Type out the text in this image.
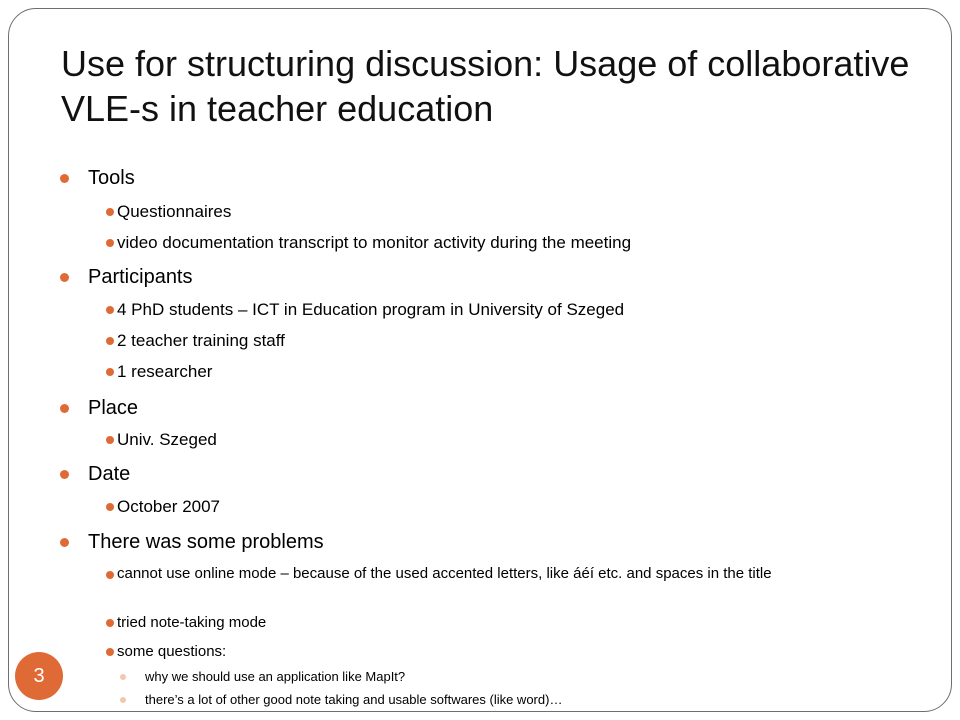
Use for structuring discussion: Usage of collaborative VLE-s in teacher education
Tools
Questionnaires
video documentation transcript to monitor activity during the meeting
Participants
4 PhD students – ICT in Education program in University of Szeged
2 teacher training staff
1 researcher
Place
Univ. Szeged
Date
October 2007
There was some problems
cannot use online mode – because of the used accented letters, like áéí etc. and spaces in the title
tried note-taking mode
some questions:
why we should use an application like MapIt?
there’s a lot of other good note taking and usable softwares (like word)…
3
